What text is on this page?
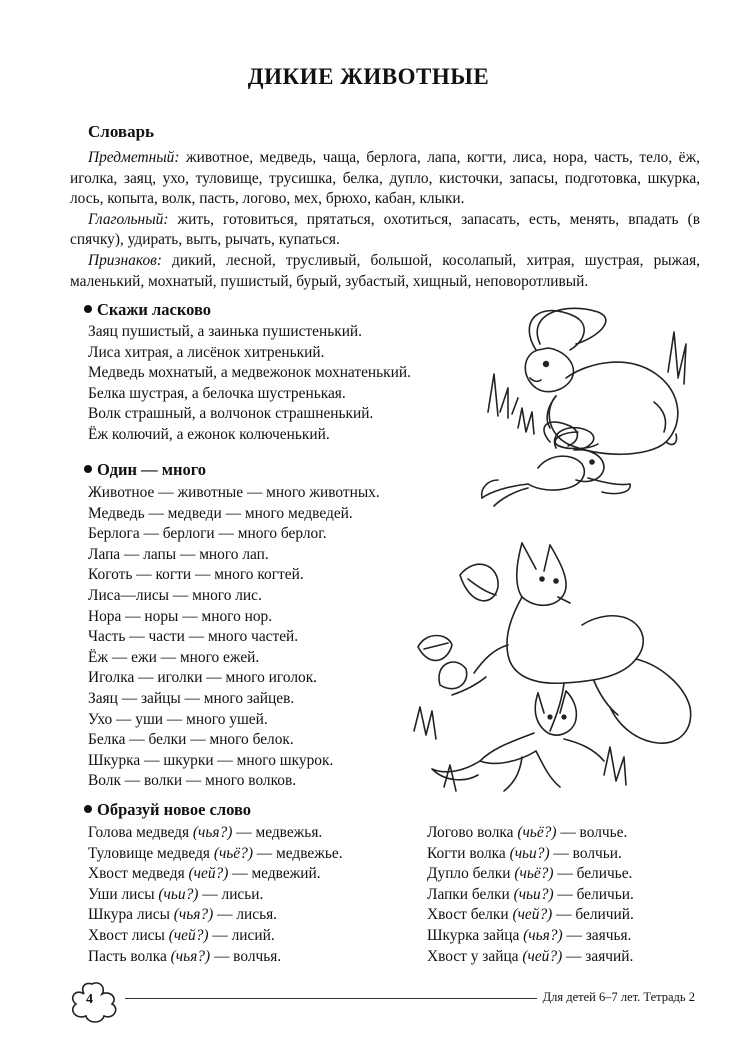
ДИКИЕ ЖИВОТНЫЕ
Словарь

Предметный: животное, медведь, чаща, берлога, лапа, когти, лиса, нора, часть, тело, ёж, иголка, заяц, ухо, туловище, трусишка, белка, дупло, кисточки, запасы, подготовка, шкурка, лось, копыта, волк, пасть, логово, мех, брюхо, кабан, клыки.

Глагольный: жить, готовиться, прятаться, охотиться, запасать, есть, менять, впадать (в спячку), удирать, выть, рычать, купаться.

Признаков: дикий, лесной, трусливый, большой, косолапый, хитрая, шустрая, рыжая, маленький, мохнатый, пушистый, бурый, зубастый, хищный, неповоротливый.

Скажи ласково
Заяц пушистый, а заинька пушистенький.
Лиса хитрая, а лисёнок хитренький.
Медведь мохнатый, а медвежонок мохнатенький.
Белка шустрая, а белочка шустренькая.
Волк страшный, а волчонок страшненький.
Ёж колючий, а ежонок колюченький.
Один — много
Животное — животные — много животных.
Медведь — медведи — много медведей.
Берлога — берлоги — много берлог.
Лапа — лапы — много лап.
Коготь — когти — много когтей.
Лиса—лисы — много лис.
Нора — норы — много нор.
Часть — части — много частей.
Ёж — ежи — много ежей.
Иголка — иголки — много иголок.
Заяц — зайцы — много зайцев.
Ухо — уши — много ушей.
Белка — белки — много белок.
Шкурка — шкурки — много шкурок.
Волк — волки — много волков.
Образуй новое слово
Голова медведя (чья?) — медвежья.
Туловище медведя (чьё?) — медвежье.
Хвост медведя (чей?) — медвежий.
Уши лисы (чьи?) — лисьи.
Шкура лисы (чья?) — лисья.
Хвост лисы (чей?) — лисий.
Пасть волка (чья?) — волчья.
Логово волка (чьё?) — волчье.
Когти волка (чьи?) — волчьи.
Дупло белки (чьё?) — беличье.
Лапки белки (чьи?) — беличьи.
Хвост белки (чей?) — беличий.
Шкурка зайца (чья?) — заячья.
Хвост у зайца (чей?) — заячий.
Для детей 6–7 лет. Тетрадь 2
4
